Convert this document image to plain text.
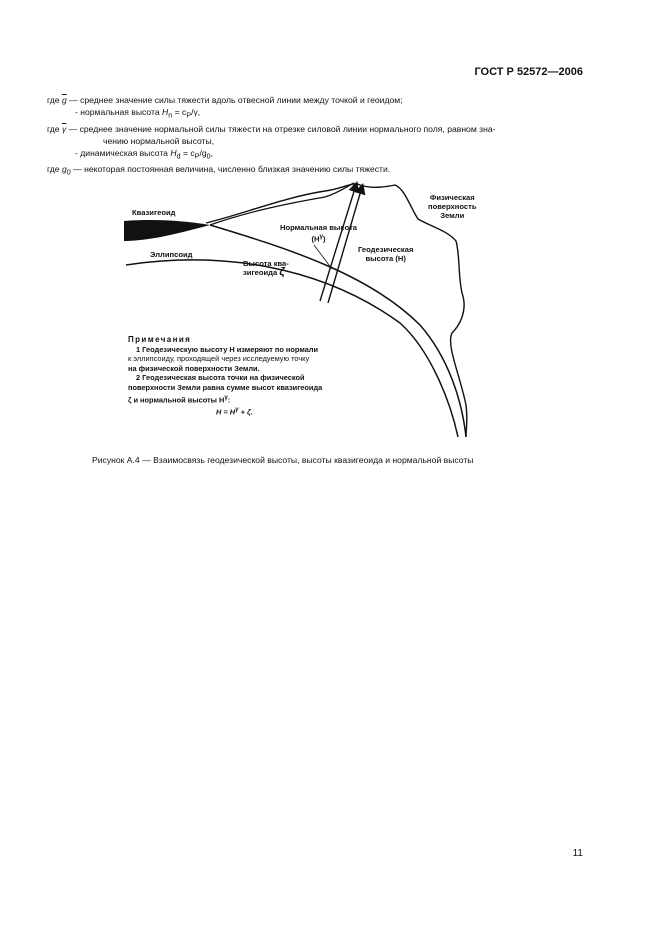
ГОСТ Р 52572—2006
где $\overline{g}$ — среднее значение силы тяжести вдоль отвесной линии между точкой и геоидом;
- нормальная высота $H_n = c_P/\gamma$,
где $\overline{\gamma}$ — среднее значение нормальной силы тяжести на отрезке силовой линии нормального поля, равном зна-
чению нормальной высоты,
- динамическая высота $H_d = c_P/g_0$,
где $g_0$ — некоторая постоянная величина, численно близкая значению силы тяжести.
Квазигеоид
Эллипсоид
Физическая
поверхность
Земли
Нормальная высота
$(H^\gamma)$
Геодезическая
высота (H)
Высота ква-
зигеоида ζ
Примечания
1 Геодезическую высоту H измеряют по нормали
к эллипсоиду, проходящей через исследуемую точку
на физической поверхности Земли.
2 Геодезическая высота точки на физической
поверхности Земли равна сумме высот квазигеоида
ζ и нормальной высоты $H^\gamma$:
$H = H^\gamma + \zeta$.
Рисунок А.4 — Взаимосвязь геодезической высоты, высоты квазигеоида и нормальной высоты
11
